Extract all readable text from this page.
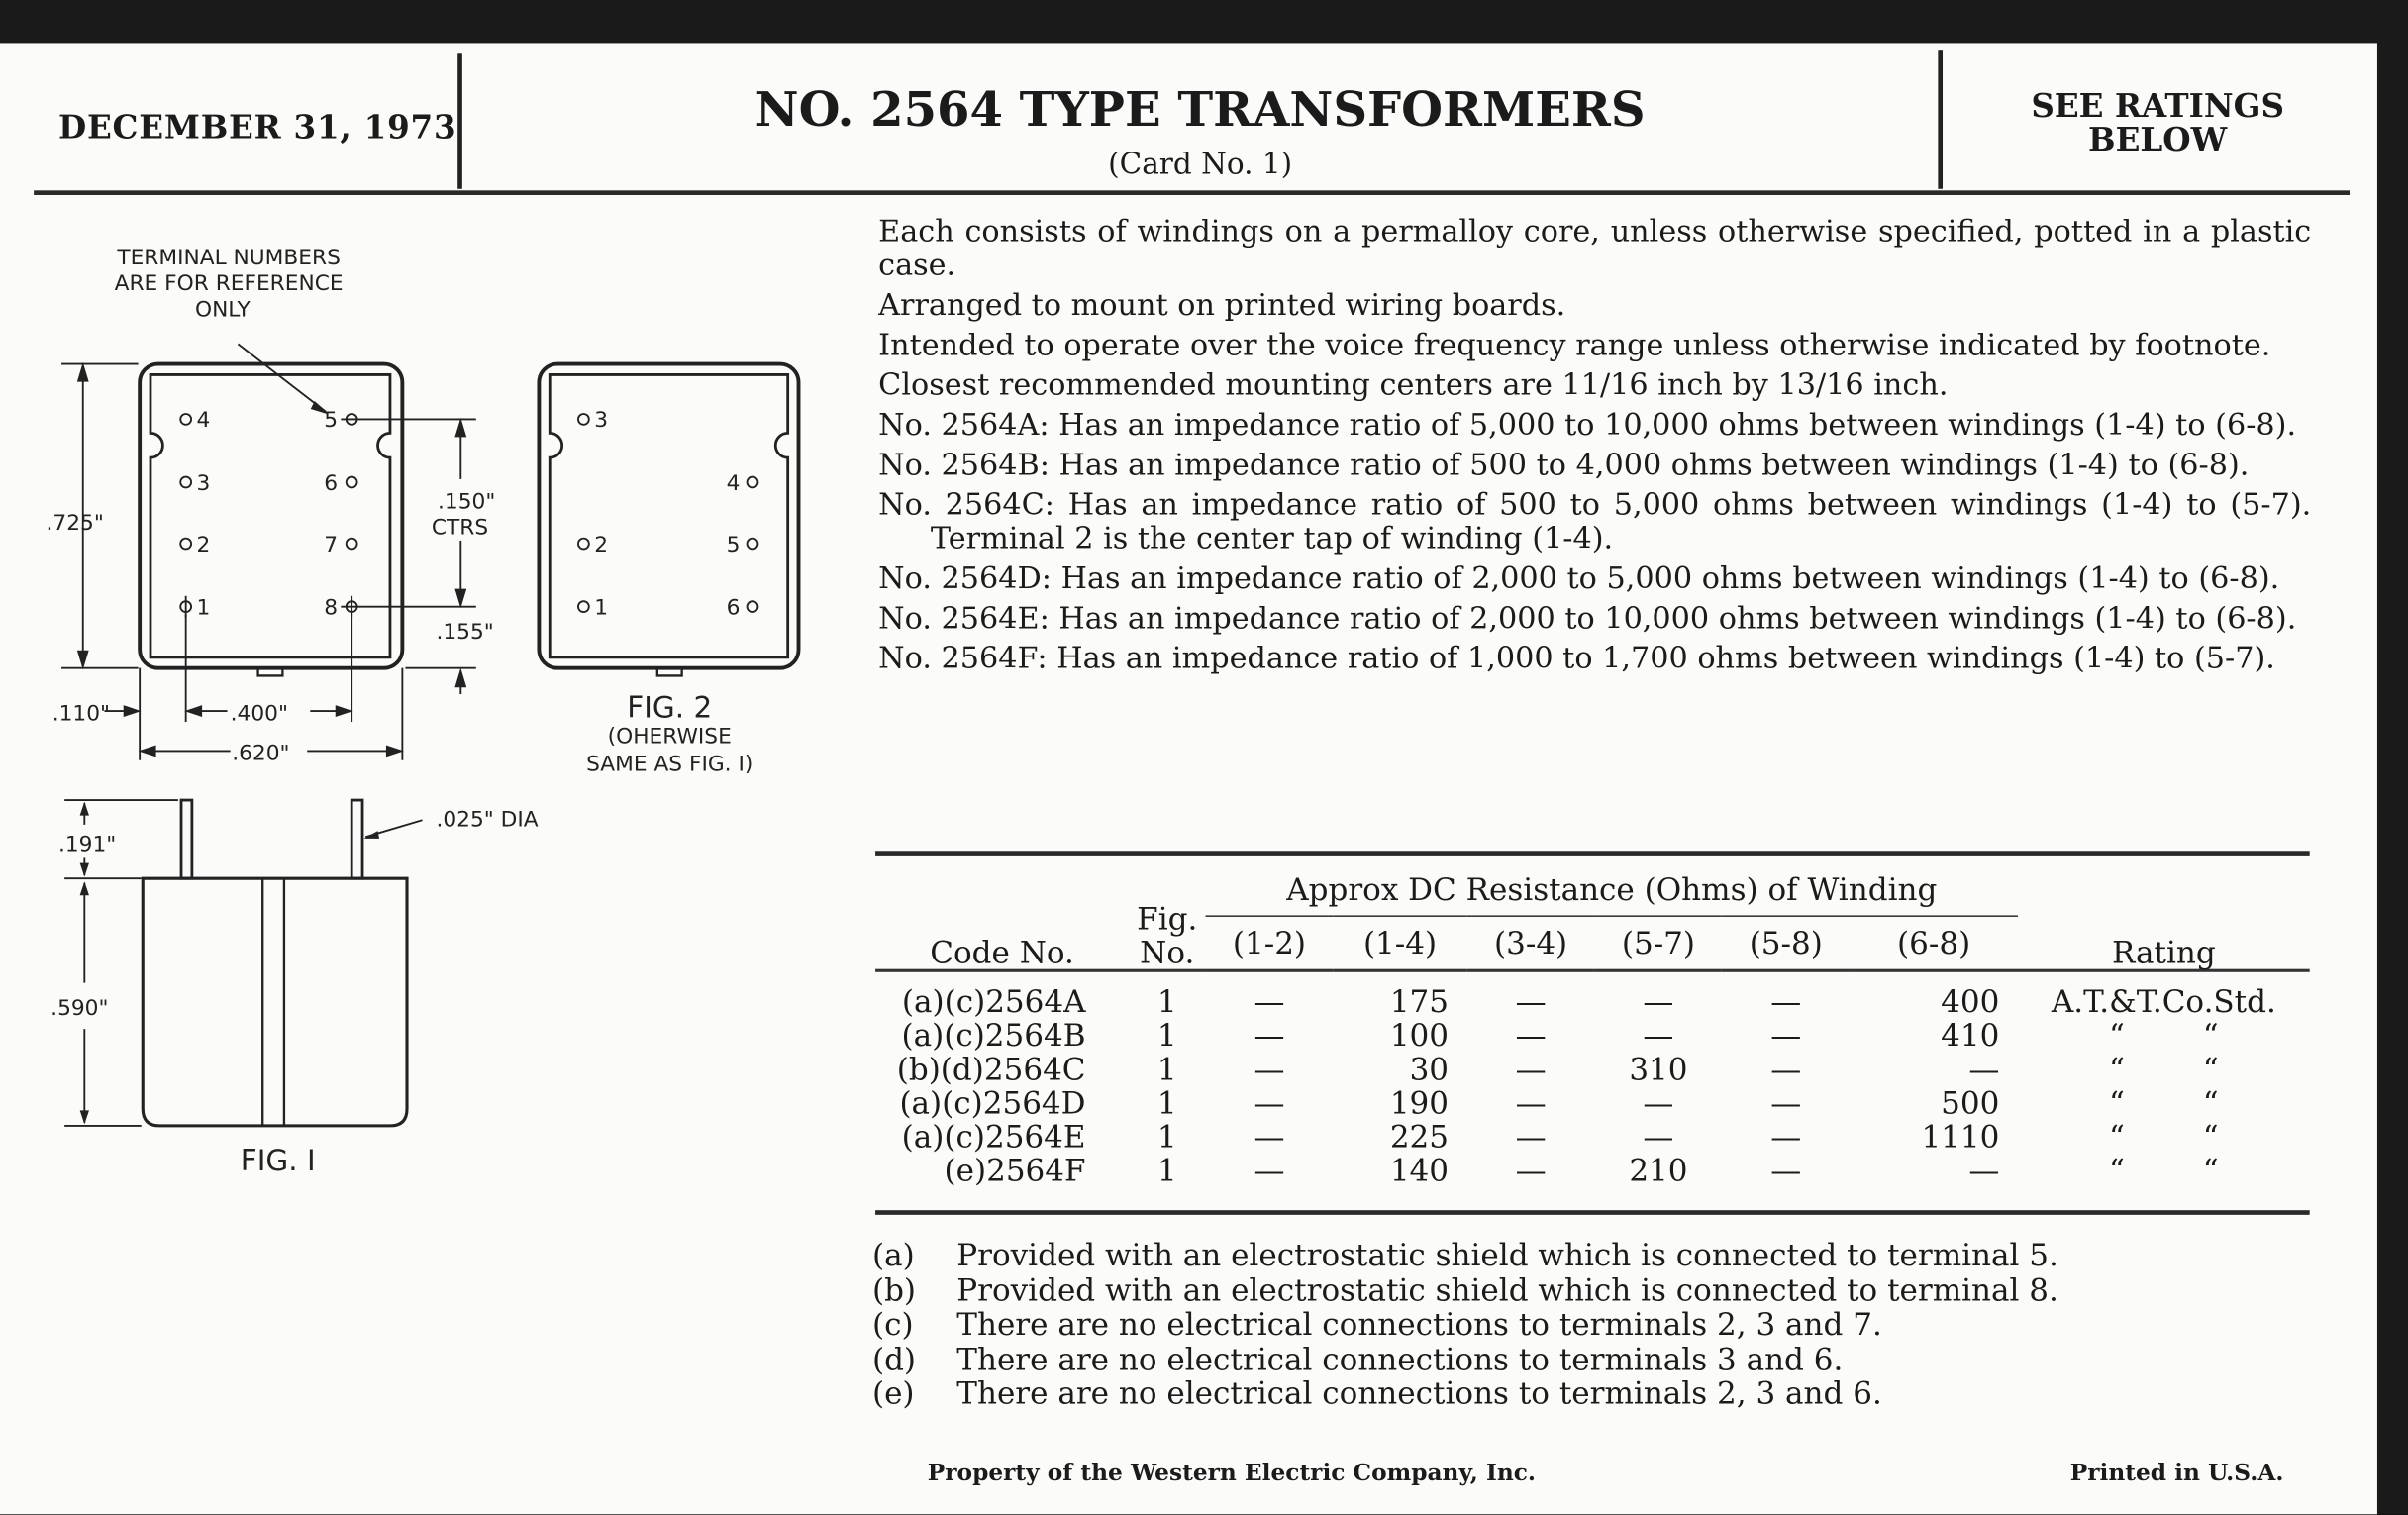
DECEMBER 31, 1973	NO. 2564 TYPE TRANSFORMERS
(Card No. 1)
SEE RATINGS
BELOW
TERMINAL NUMBERS
ARE FOR REFERENCE
ONLY
4
3
2
1
5
6
7
8
.725"
.150"
CTRS
.155"
.110"	.400"
.620"
3
2
1
4
5
6
FIG. 2
(OHERWISE
SAME AS FIG. I)
.191"
.590"
.025" DIA
FIG. I

Each consists of windings on a permalloy core, unless otherwise specified, potted in a plastic case.

Arranged to mount on printed wiring boards.

Intended to operate over the voice frequency range unless otherwise indicated by footnote.

Closest recommended mounting centers are 11/16 inch by 13/16 inch.

No. 2564A: Has an impedance ratio of 5,000 to 10,000 ohms between windings (1-4) to (6-8).

No. 2564B: Has an impedance ratio of 500 to 4,000 ohms between windings (1-4) to (6-8).

No. 2564C: Has an impedance ratio of 500 to 5,000 ohms between windings (1-4) to (5-7). Terminal 2 is the center tap of winding (1-4).

No. 2564D: Has an impedance ratio of 2,000 to 5,000 ohms between windings (1-4) to (6-8).

No. 2564E: Has an impedance ratio of 2,000 to 10,000 ohms between windings (1-4) to (6-8).

No. 2564F: Has an impedance ratio of 1,000 to 1,700 ohms between windings (1-4) to (5-7).

Code No.	Fig.
No.	Approx DC Resistance (Ohms) of Winding						Rating
		(1-2)	(1-4)	(3-4)	(5-7)	(5-8)	(6-8)	

(a)(c)2564A	1	—	175	—	—	—	400	A.T.&T.Co.Std.
(a)(c)2564B	1	—	100	—	—	—	410	“        “
(b)(d)2564C	1	—	30	—	310	—	—	“        “
(a)(c)2564D	1	—	190	—	—	—	500	“        “
(a)(c)2564E	1	—	225	—	—	—	1110	“        “
(e)2564F	1	—	140	—	210	—	—	“        “
(a) Provided with an electrostatic shield which is connected to terminal 5.
(b) Provided with an electrostatic shield which is connected to terminal 8.
(c) There are no electrical connections to terminals 2, 3 and 7.
(d) There are no electrical connections to terminals 3 and 6.
(e) There are no electrical connections to terminals 2, 3 and 6.
Property of the Western Electric Company, Inc.	Printed in U.S.A.
